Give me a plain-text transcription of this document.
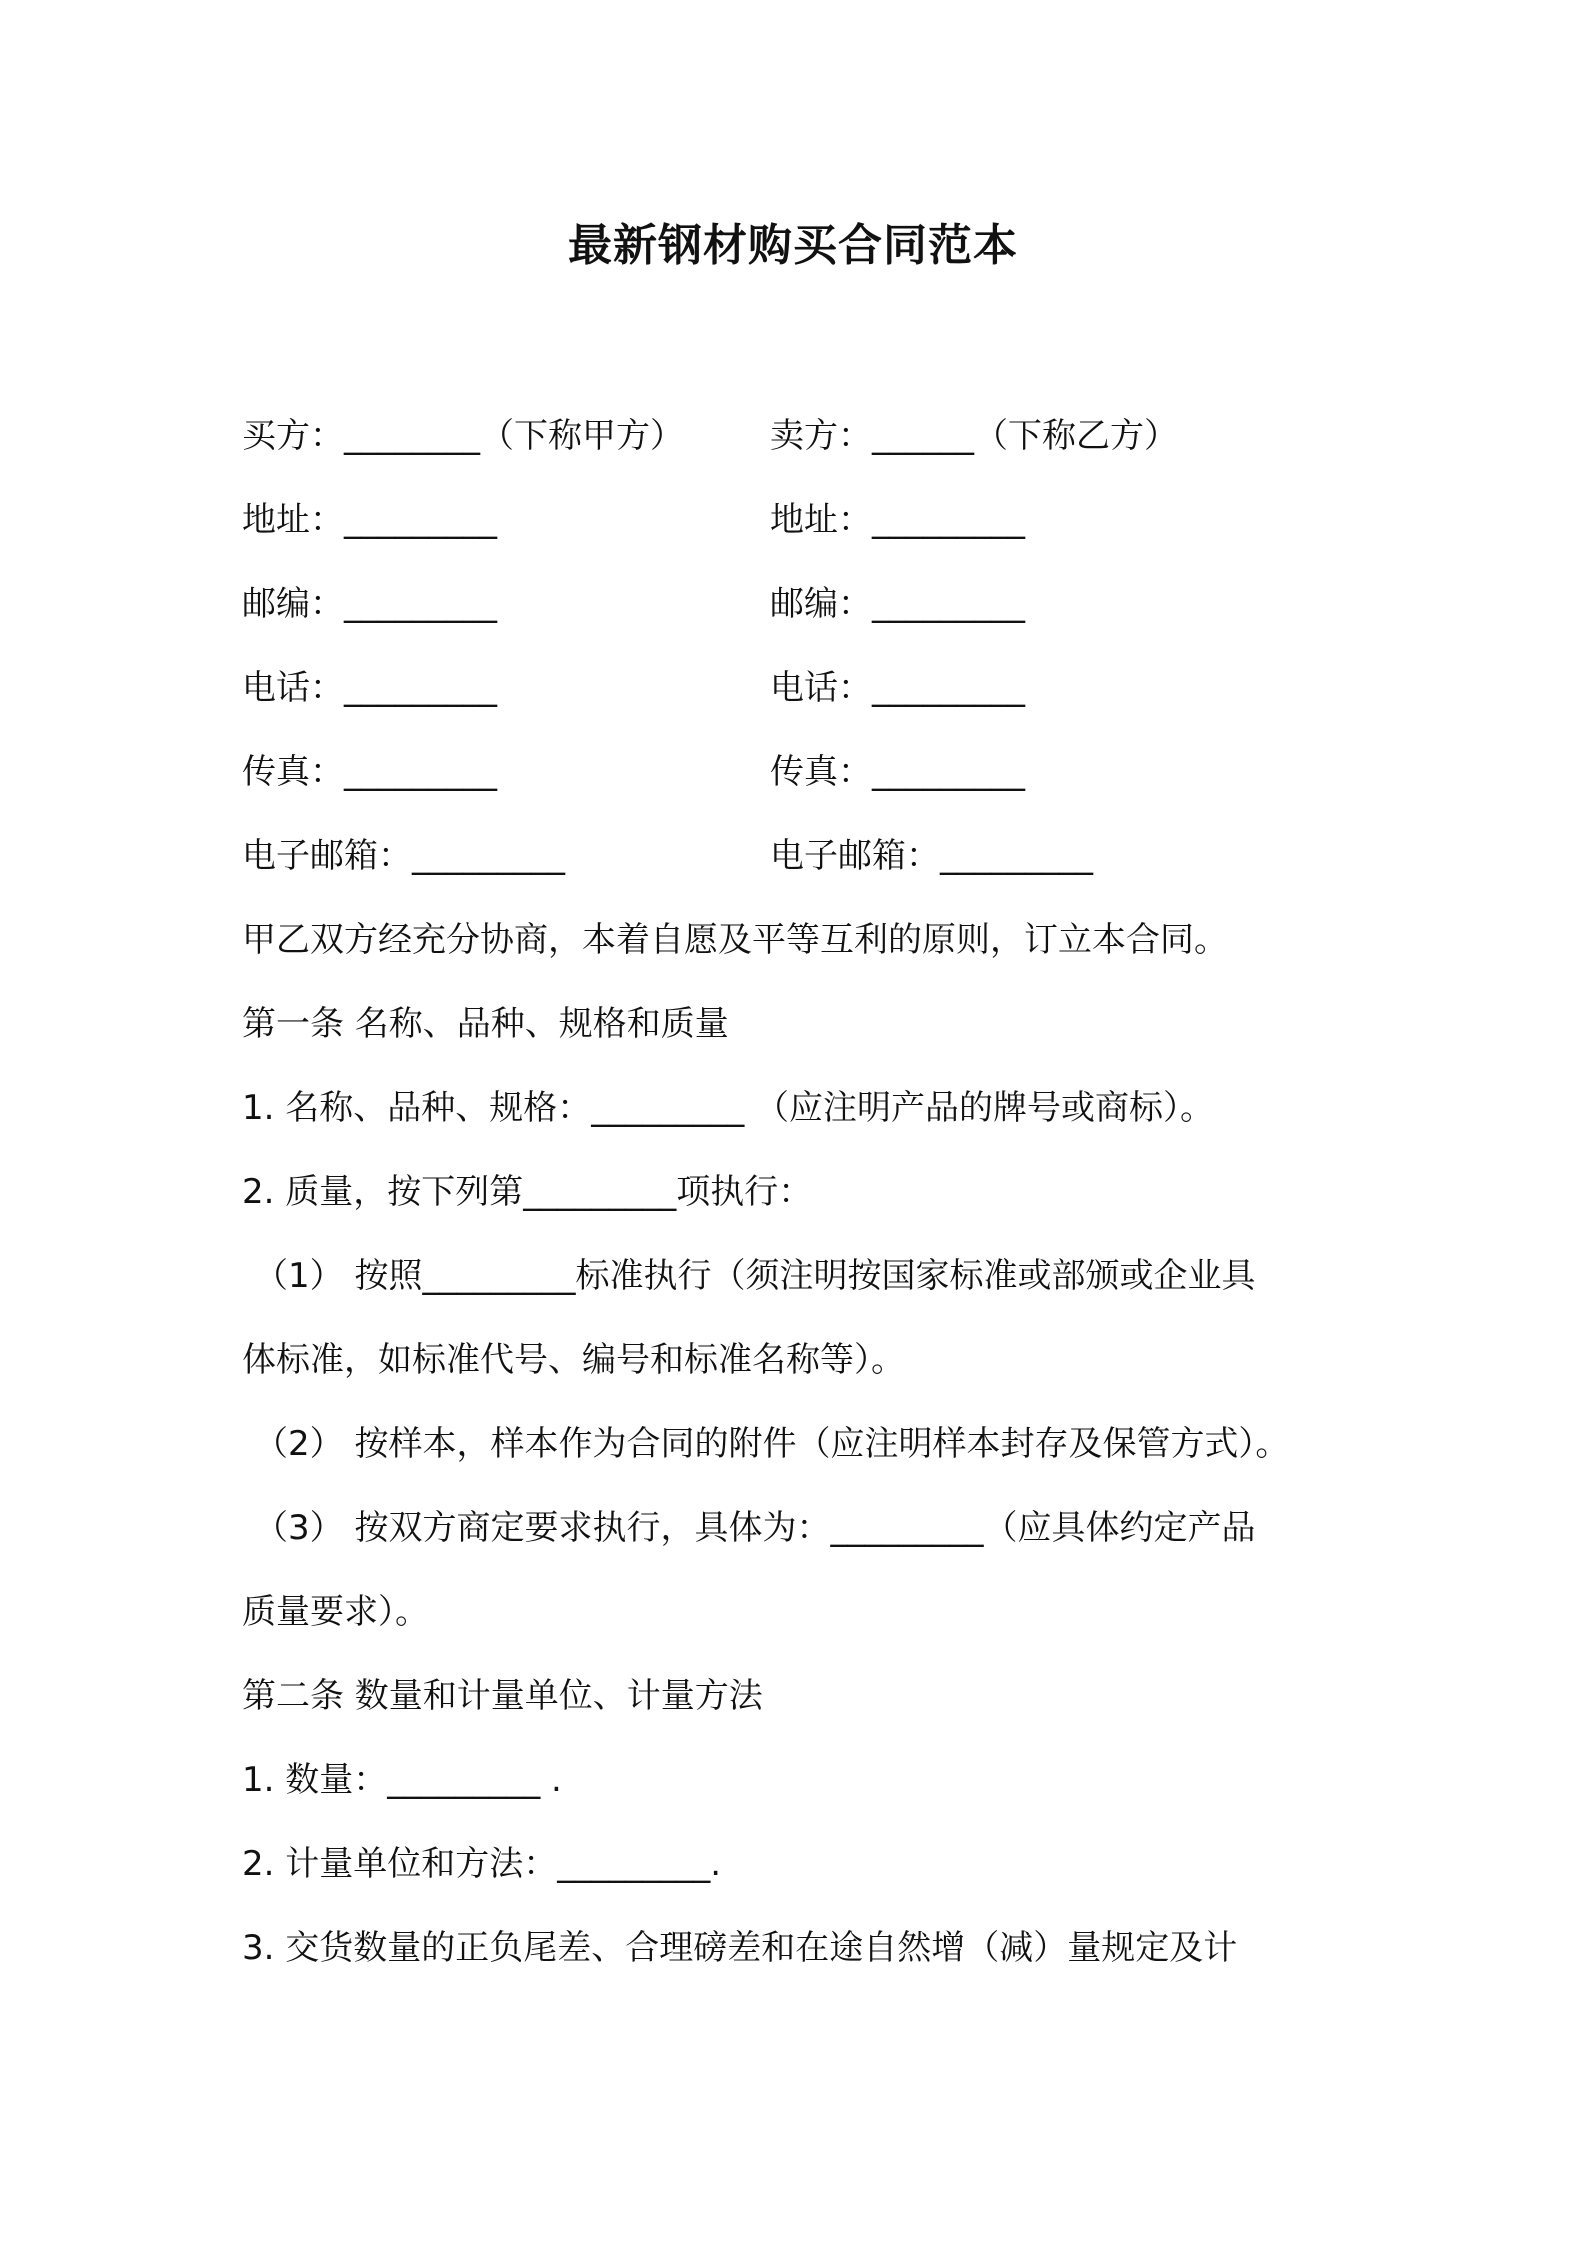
最新钢材购买合同范本
买方：________（下称甲方）	卖方：______（下称乙方）
地址：_________	地址：_________
邮编：_________	邮编：_________
电话：_________	电话：_________
传真：_________	传真：_________
电子邮箱：_________	电子邮箱：_________
甲乙双方经充分协商，本着自愿及平等互利的原则，订立本合同。
第一条 名称、品种、规格和质量
1. 名称、品种、规格：_________ （应注明产品的牌号或商标）。
2. 质量，按下列第_________项执行：
（1） 按照_________标准执行（须注明按国家标准或部颁或企业具
体标准，如标准代号、编号和标准名称等）。
（2） 按样本，样本作为合同的附件（应注明样本封存及保管方式）。
（3） 按双方商定要求执行，具体为：_________（应具体约定产品
质量要求）。
第二条 数量和计量单位、计量方法
1. 数量：_________ .
2. 计量单位和方法：_________.
3. 交货数量的正负尾差、合理磅差和在途自然增（减）量规定及计
